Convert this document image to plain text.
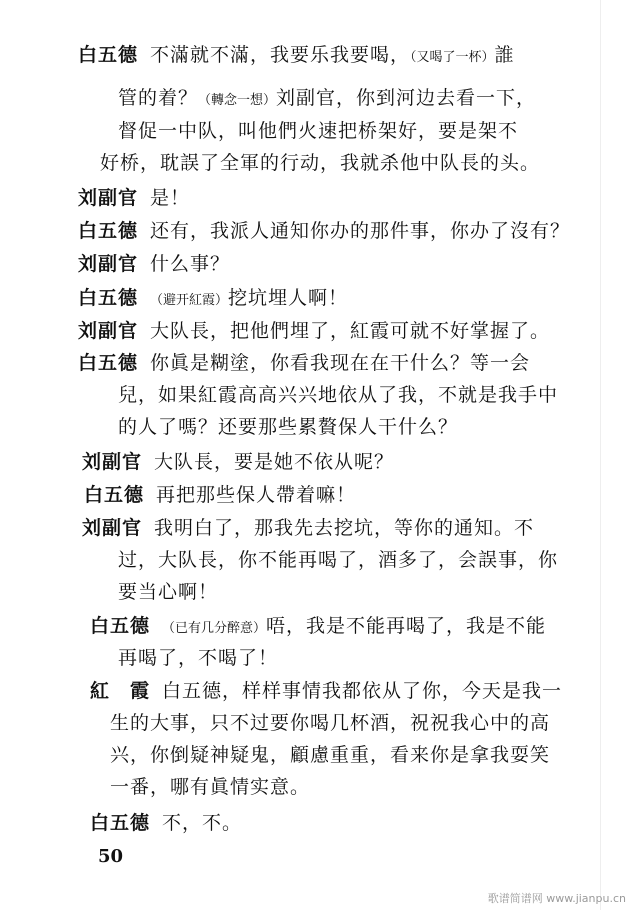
白五德 不滿就不滿，我要乐我要喝，（又喝了一杯）誰
管的着？（轉念一想）刘副官，你到河边去看一下，
督促一中队，叫他們火速把桥架好，要是架不
好桥，耽誤了全軍的行动，我就杀他中队長的头。
刘副官 是！
白五德 还有，我派人通知你办的那件事，你办了沒有？
刘副官 什么事？
白五德 （避开紅霞）挖坑埋人啊！
刘副官 大队長，把他們埋了，紅霞可就不好掌握了。
白五德 你眞是糊塗，你看我现在在干什么？等一会
兒，如果紅霞高高兴兴地依从了我，不就是我手中
的人了嗎？还要那些累贅保人干什么？
刘副官 大队長，要是她不依从呢？
白五德 再把那些保人帶着嘛！
刘副官 我明白了，那我先去挖坑，等你的通知。不
过，大队長，你不能再喝了，酒多了，会誤事，你
要当心啊！
白五德 （已有几分醉意）唔，我是不能再喝了，我是不能
再喝了，不喝了！
紅　霞 白五德，样样事情我都依从了你，今天是我一
生的大事，只不过要你喝几杯酒，祝祝我心中的高
兴，你倒疑神疑鬼，顧慮重重，看来你是拿我耍笑
一番，哪有眞情实意。
白五德 不，不。
50
歌谱简谱网 www.jianpu.cn
